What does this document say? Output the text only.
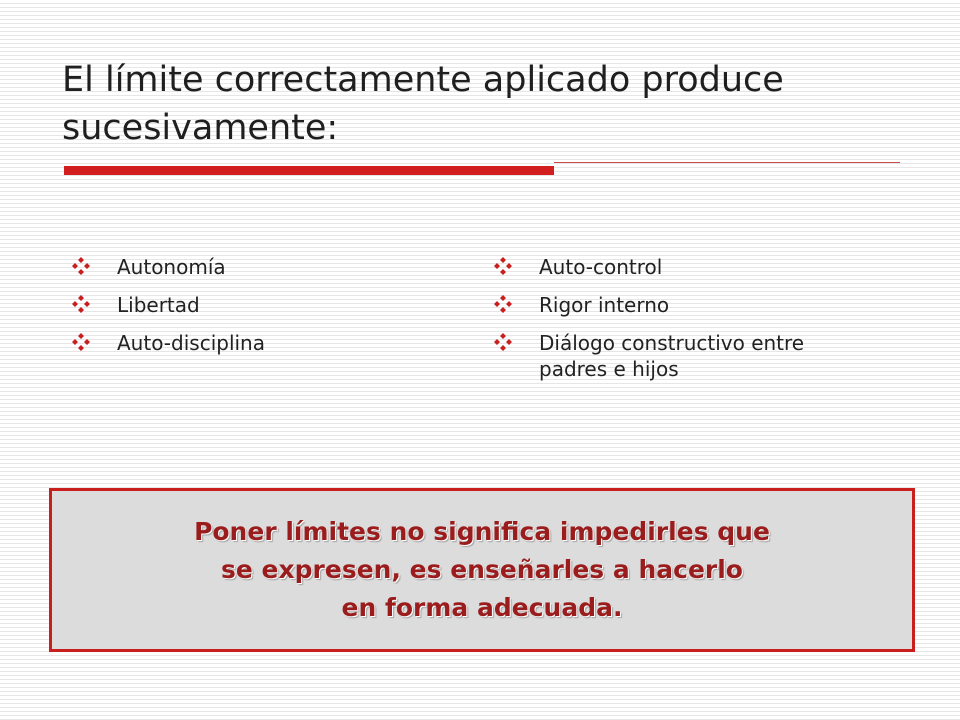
El límite correctamente aplicado produce sucesivamente:
Autonomía
Libertad
Auto-disciplina
Auto-control
Rigor interno
Diálogo constructivo entre padres e hijos
Poner límites no significa impedirles que
se expresen, es enseñarles a hacerlo
en forma adecuada.
